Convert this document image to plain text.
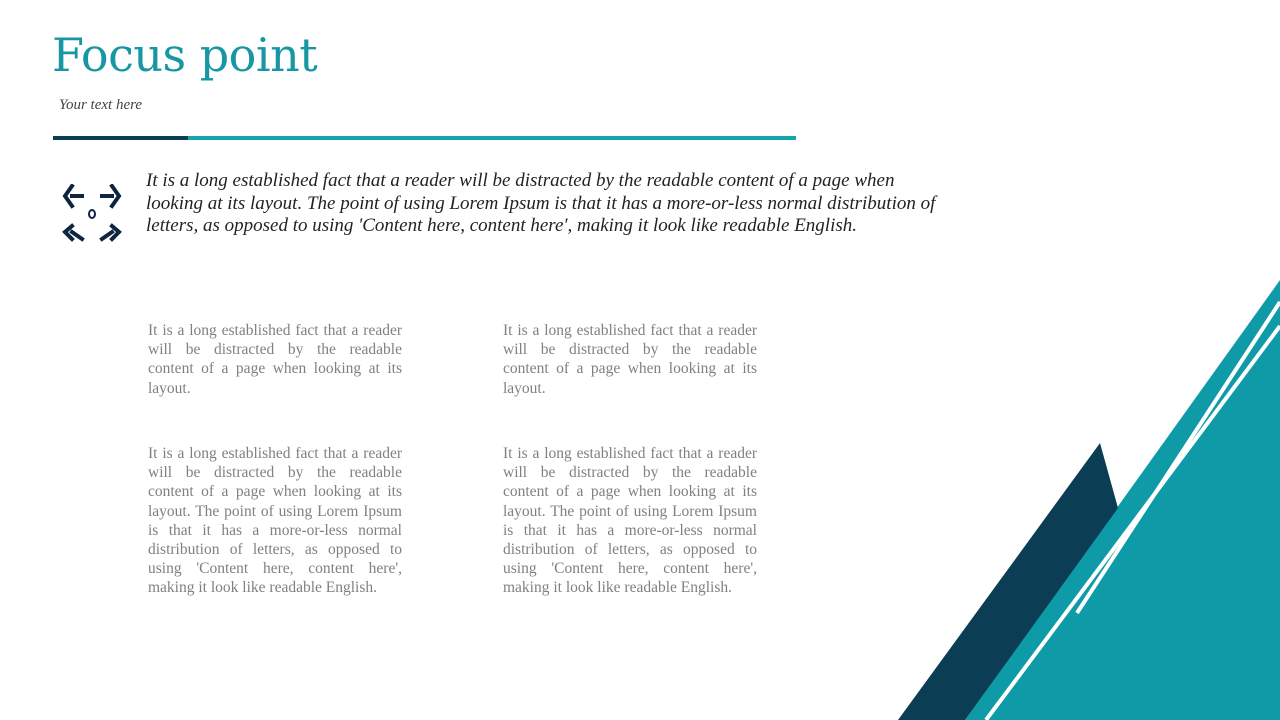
Focus point
Your text here
It is a long established fact that a reader will be distracted by the readable content of a page when looking at its layout. The point of using Lorem Ipsum is that it has a more-or-less normal distribution of letters, as opposed to using 'Content here, content here', making it look like readable English.

It is a long established fact that a reader will be distracted by the readable content of a page when looking at its layout.

It is a long established fact that a reader will be distracted by the readable content of a page when looking at its layout.

It is a long established fact that a reader will be distracted by the readable content of a page when looking at its layout. The point of using Lorem Ipsum is that it has a more-or-less normal distribution of letters, as opposed to using 'Content here, content here', making it look like readable English.

It is a long established fact that a reader will be distracted by the readable content of a page when looking at its layout. The point of using Lorem Ipsum is that it has a more-or-less normal distribution of letters, as opposed to using 'Content here, content here', making it look like readable English.
